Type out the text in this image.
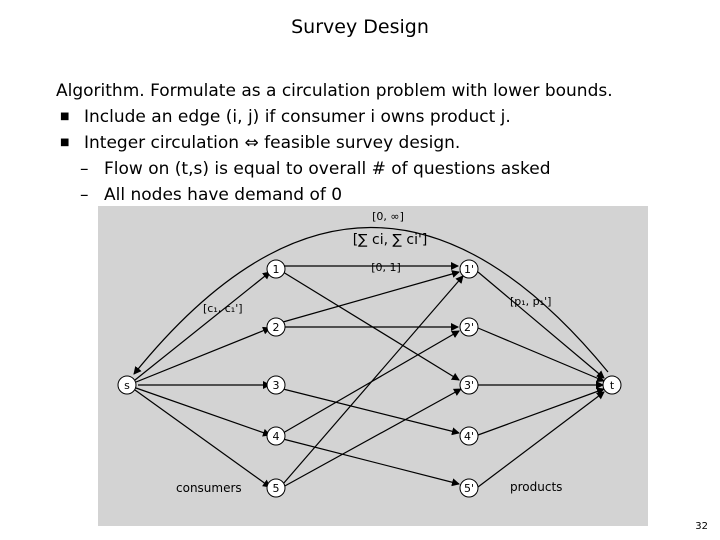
Survey Design
Algorithm. Formulate as a circulation problem with lower bounds.
■ Include an edge (i, j) if consumer i owns product j.
■ Integer circulation ⇔ feasible survey design.
– Flow on (t,s) is equal to overall # of questions asked
– All nodes have demand of 0
s	t
1
2
3
4
5
1'
2'
3'
4'
5'
[0, ∞]
[∑ ci, ∑ ci']
[0, 1]
[c₁, c₁']
[p₁, p₁']
consumers	products
32
